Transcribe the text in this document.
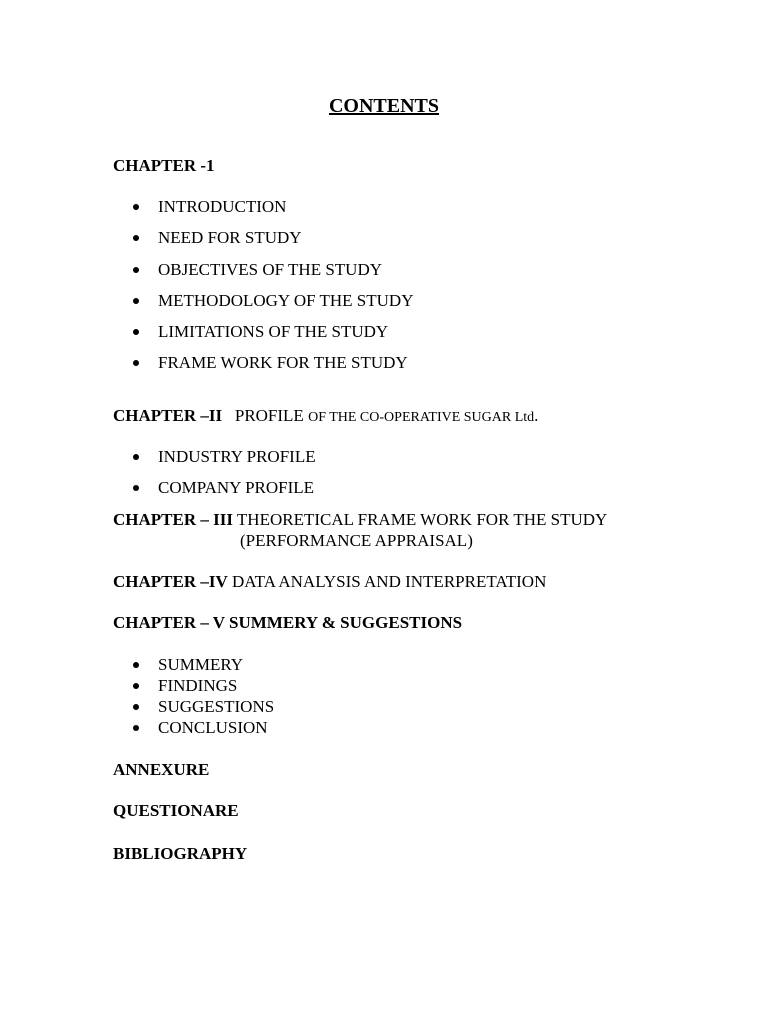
CONTENTS
CHAPTER -1
INTRODUCTION
NEED FOR STUDY
OBJECTIVES OF THE STUDY
METHODOLOGY OF THE STUDY
LIMITATIONS OF THE STUDY
FRAME WORK FOR THE STUDY
CHAPTER –II PROFILE OF THE CO-OPERATIVE SUGAR Ltd.
INDUSTRY PROFILE
COMPANY PROFILE
CHAPTER – III THEORETICAL FRAME WORK FOR THE STUDY
(PERFORMANCE APPRAISAL)
CHAPTER –IV DATA ANALYSIS AND INTERPRETATION
CHAPTER – V SUMMERY & SUGGESTIONS
SUMMERY
FINDINGS
SUGGESTIONS
CONCLUSION
ANNEXURE
QUESTIONARE
BIBLIOGRAPHY
